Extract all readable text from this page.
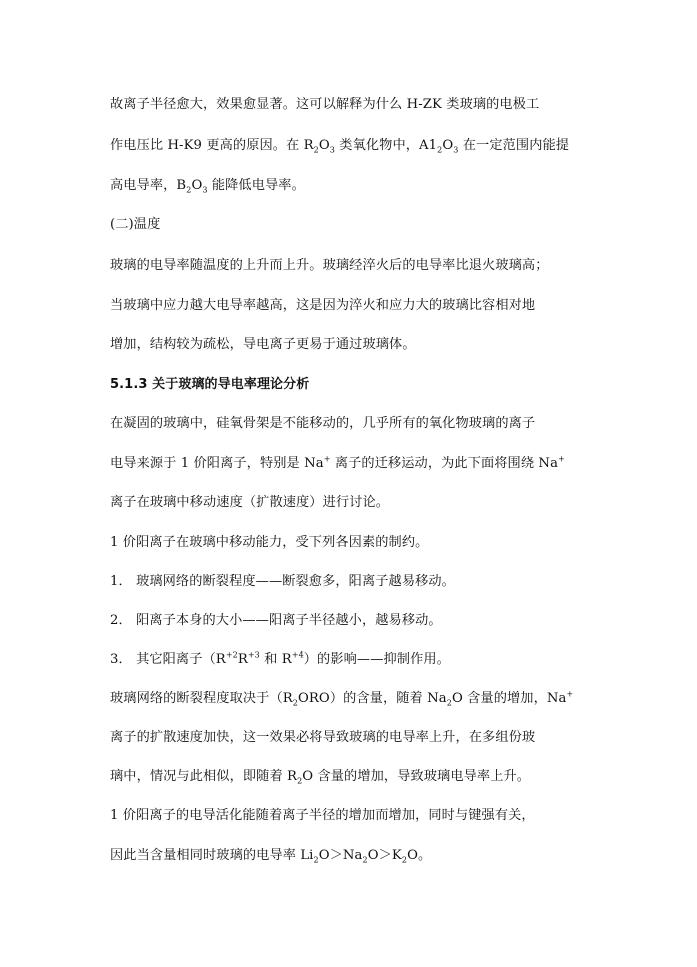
故离子半径愈大，效果愈显著。这可以解释为什么 H-ZK 类玻璃的电极工
作电压比 H-K9 更高的原因。在 $R_2O_3$ 类氧化物中，$A1_2O_3$ 在一定范围内能提
高电导率，$B_2O_3$ 能降低电导率。
(二)温度
玻璃的电导率随温度的上升而上升。玻璃经淬火后的电导率比退火玻璃高；
当玻璃中应力越大电导率越高，这是因为淬火和应力大的玻璃比容相对地
增加，结构较为疏松，导电离子更易于通过玻璃体。
5.1.3 关于玻璃的导电率理论分析
在凝固的玻璃中，硅氧骨架是不能移动的，几乎所有的氧化物玻璃的离子
电导来源于 1 价阳离子，特别是 Na+ 离子的迁移运动，为此下面将围绕 Na+
离子在玻璃中移动速度（扩散速度）进行讨论。
1 价阳离子在玻璃中移动能力，受下列各因素的制约。
1． 玻璃网络的断裂程度——断裂愈多，阳离子越易移动。
2． 阳离子本身的大小——阳离子半径越小，越易移动。
3． 其它阳离子（$R^{+2}R^{+3}$ 和 $R^{+4}$）的影响——抑制作用。
玻璃网络的断裂程度取决于$(R_2ORO)$的含量，随着 $Na_2O$ 含量的增加，Na+
离子的扩散速度加快，这一效果必将导致玻璃的电导率上升，在多组份玻
璃中，情况与此相似，即随着 $R_2O$ 含量的增加，导致玻璃电导率上升。
1 价阳离子的电导活化能随着离子半径的增加而增加，同时与键强有关，
因此当含量相同时玻璃的电导率 $Li_2O>Na_2O>K_2O$。
